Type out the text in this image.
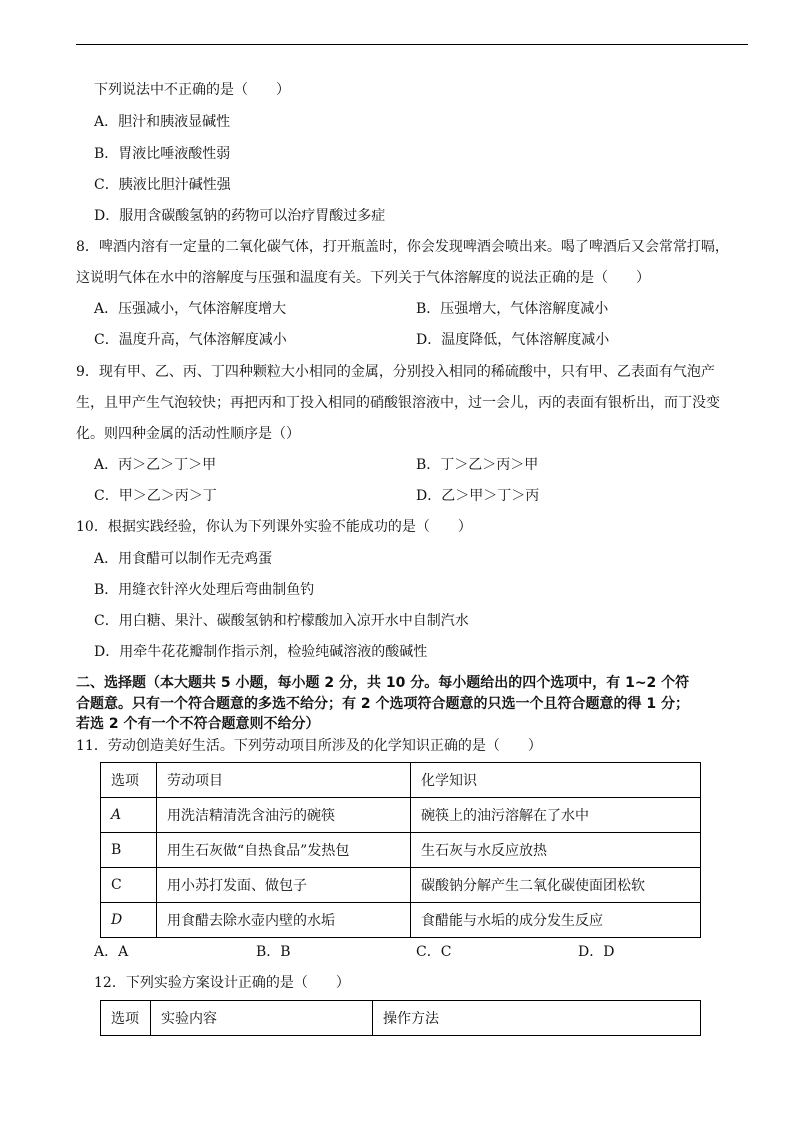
下列说法中不正确的是（　　）
A．胆汁和胰液显碱性
B．胃液比唾液酸性弱
C．胰液比胆汁碱性强
D．服用含碳酸氢钠的药物可以治疗胃酸过多症
8．啤酒内溶有一定量的二氧化碳气体，打开瓶盖时，你会发现啤酒会喷出来。喝了啤酒后又会常常打嗝，
这说明气体在水中的溶解度与压强和温度有关。下列关于气体溶解度的说法正确的是（　　）
A．压强减小，气体溶解度增大	B．压强增大，气体溶解度减小
C．温度升高，气体溶解度减小	D．温度降低，气体溶解度减小
9．现有甲、乙、丙、丁四种颗粒大小相同的金属，分别投入相同的稀硫酸中，只有甲、乙表面有气泡产
生，且甲产生气泡较快；再把丙和丁投入相同的硝酸银溶液中，过一会儿，丙的表面有银析出，而丁没变
化。则四种金属的活动性顺序是（）
A．丙＞乙＞丁＞甲	B．丁＞乙＞丙＞甲
C．甲＞乙＞丙＞丁	D．乙＞甲＞丁＞丙
10．根据实践经验，你认为下列课外实验不能成功的是（　　）
A．用食醋可以制作无壳鸡蛋
B．用缝衣针淬火处理后弯曲制鱼钓
C．用白糖、果汁、碳酸氢钠和柠檬酸加入凉开水中自制汽水
D．用牵牛花花瓣制作指示剂，检验纯碱溶液的酸碱性
二、选择题（本大题共 5 小题，每小题 2 分，共 10 分。每小题给出的四个选项中，有 1~2 个符
合题意。只有一个符合题意的多选不给分；有 2 个选项符合题意的只选一个且符合题意的得 1 分；
若选 2 个有一个不符合题意则不给分）
11．劳动创造美好生活。下列劳动项目所涉及的化学知识正确的是（　　）
选项	劳动项目	化学知识
A	用洗洁精清洗含油污的碗筷	碗筷上的油污溶解在了水中
B	用生石灰做“自热食品”发热包	生石灰与水反应放热
C	用小苏打发面、做包子	碳酸钠分解产生二氧化碳使面团松软
D	用食醋去除水壶内壁的水垢	食醋能与水垢的成分发生反应
A．A	B．B	C．C	D．D
12．下列实验方案设计正确的是（　　）
选项	实验内容	操作方法
